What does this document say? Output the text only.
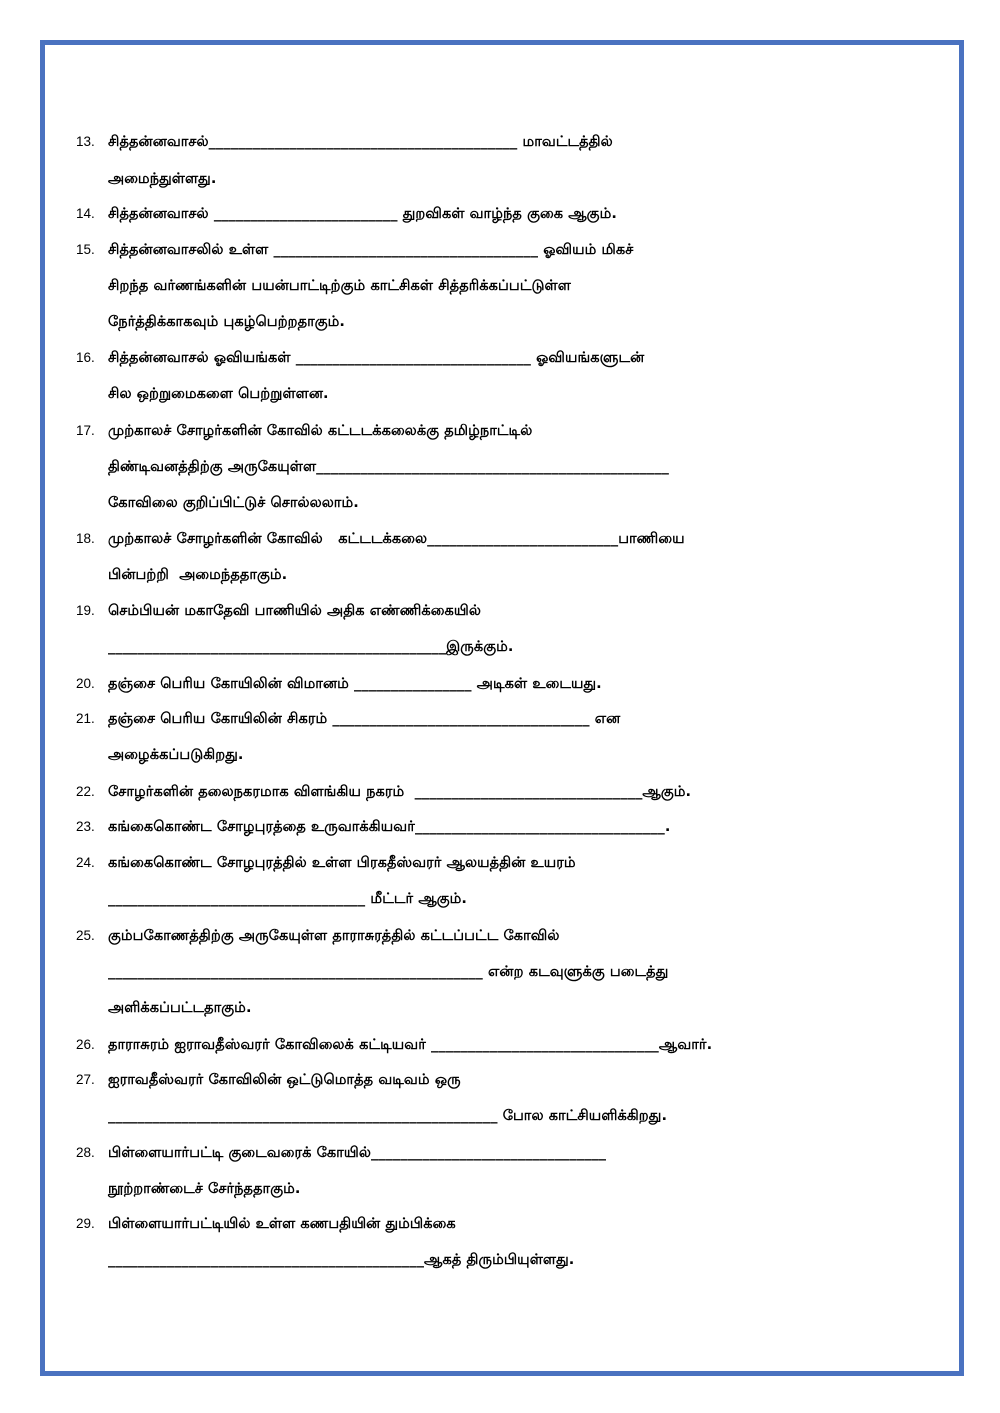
13. சித்தன்னவாசல்__________________________________________ மாவட்டத்தில்
அமைந்துள்ளது.
14. சித்தன்னவாசல் _________________________ துறவிகள் வாழ்ந்த குகை ஆகும்.
15. சித்தன்னவாசலில் உள்ள ____________________________________ ஓவியம் மிகச்
சிறந்த வர்ணங்களின் பயன்பாட்டிற்கும் காட்சிகள் சித்தரிக்கப்பட்டுள்ள
நேர்த்திக்காகவும் புகழ்பெற்றதாகும்.
16. சித்தன்னவாசல் ஓவியங்கள் ________________________________ ஓவியங்களுடன்
சில ஒற்றுமைகளை பெற்றுள்ளன.
17. முற்காலச் சோழர்களின் கோவில் கட்டடக்கலைக்கு தமிழ்நாட்டில்
திண்டிவனத்திற்கு அருகேயுள்ள________________________________________________
கோவிலை குறிப்பிட்டுச் சொல்லலாம்.
18. முற்காலச் சோழர்களின் கோவில்   கட்டடக்கலை__________________________பாணியை
பின்பற்றி  அமைந்ததாகும்.
19. செம்பியன் மகாதேவி பாணியில் அதிக எண்ணிக்கையில்
______________________________________________இருக்கும்.
20. தஞ்சை பெரிய கோயிலின் விமானம் ________________ அடிகள் உடையது.
21. தஞ்சை பெரிய கோயிலின் சிகரம் ___________________________________ என
அழைக்கப்படுகிறது.
22. சோழர்களின் தலைநகரமாக விளங்கிய நகரம்  _______________________________ஆகும்.
23. கங்கைகொண்ட சோழபுரத்தை உருவாக்கியவர்__________________________________.
24. கங்கைகொண்ட சோழபுரத்தில் உள்ள பிரகதீஸ்வரர் ஆலயத்தின் உயரம்
___________________________________ மீட்டர் ஆகும்.
25. கும்பகோணத்திற்கு அருகேயுள்ள தாராசுரத்தில் கட்டப்பட்ட கோவில்
___________________________________________________ என்ற கடவுளுக்கு படைத்து
அளிக்கப்பட்டதாகும்.
26. தாராசுரம் ஐராவதீஸ்வரர் கோவிலைக் கட்டியவர் _______________________________ஆவார்.
27. ஐராவதீஸ்வரர் கோவிலின் ஒட்டுமொத்த வடிவம் ஒரு
_____________________________________________________ போல காட்சியளிக்கிறது.
28. பிள்ளையார்பட்டி குடைவரைக் கோயில்________________________________
நூற்றாண்டைச் சேர்ந்ததாகும்.
29. பிள்ளையார்பட்டியில் உள்ள கணபதியின் தும்பிக்கை
___________________________________________ஆகத் திரும்பியுள்ளது.
